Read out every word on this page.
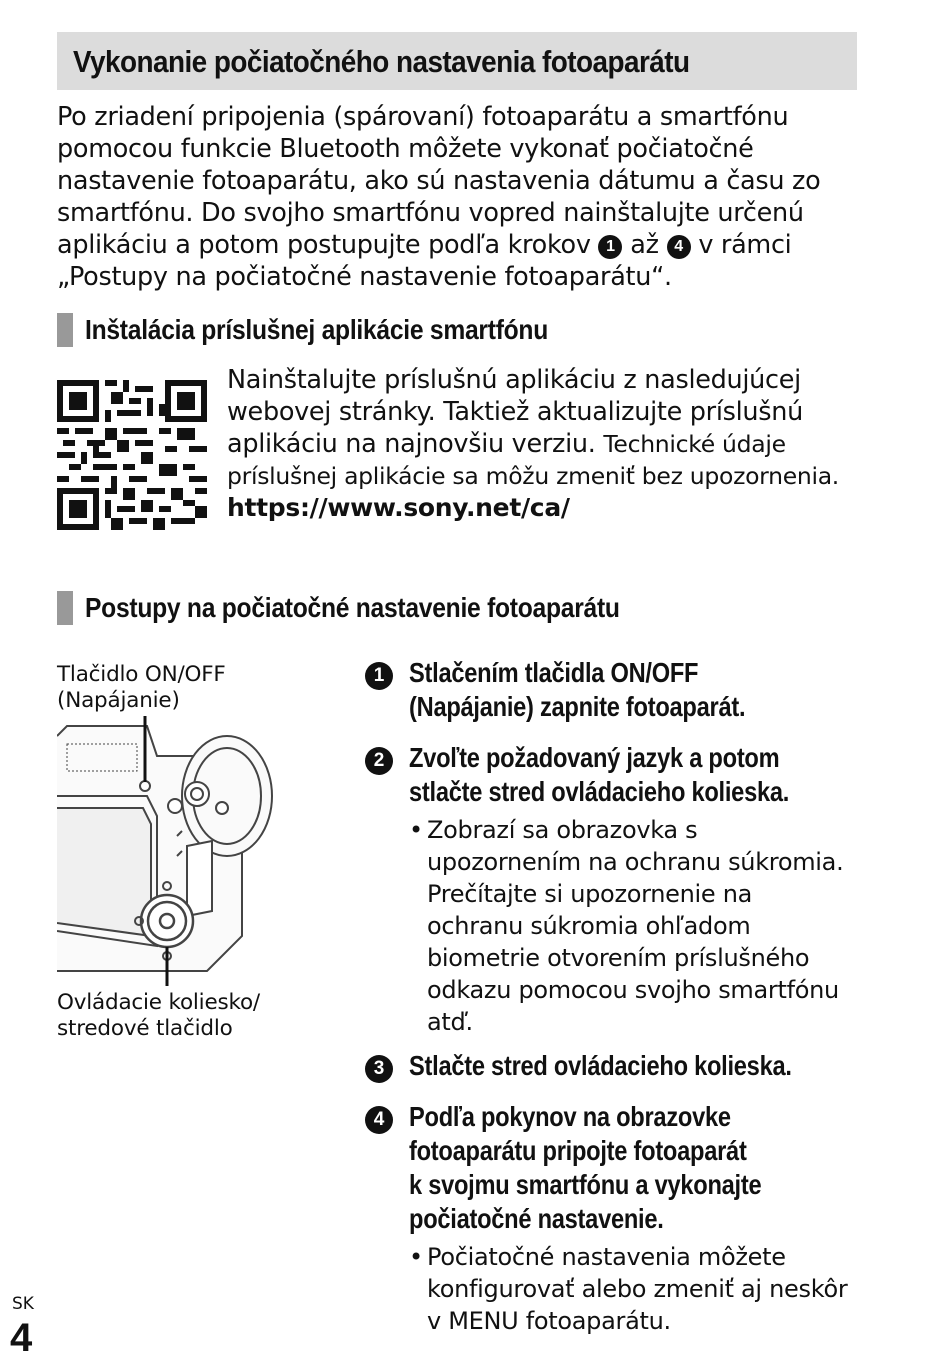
Vykonanie počiatočného nastavenia fotoaparátu
Po zriadení pripojenia (spárovaní) fotoaparátu a smartfónu pomocou funkcie Bluetooth môžete vykonať počiatočné nastavenie fotoaparátu, ako sú nastavenia dátumu a času zo smartfónu. Do svojho smartfónu vopred nainštalujte určenú aplikáciu a potom postupujte podľa krokov 1 až 4 v rámci „Postupy na počiatočné nastavenie fotoaparátu“.
Inštalácia príslušnej aplikácie smartfónu
Nainštalujte príslušnú aplikáciu z nasledujúcej webovej stránky. Taktiež aktualizujte príslušnú aplikáciu na najnovšiu verziu. Technické údaje príslušnej aplikácie sa môžu zmeniť bez upozornenia.
https://www.sony.net/ca/
Postupy na počiatočné nastavenie fotoaparátu
Tlačidlo ON/OFF
(Napájanie)
Ovládacie koliesko/
stredové tlačidlo
1 Stlačením tlačidla ON/OFF
(Napájanie) zapnite fotoaparát.
2 Zvoľte požadovaný jazyk a potom
stlačte stred ovládacieho kolieska.
• Zobrazí sa obrazovka s
upozornením na ochranu súkromia.
Prečítajte si upozornenie na
ochranu súkromia ohľadom
biometrie otvorením príslušného
odkazu pomocou svojho smartfónu
atď.
3 Stlačte stred ovládacieho kolieska.
4 Podľa pokynov na obrazovke
fotoaparátu pripojte fotoaparát
k svojmu smartfónu a vykonajte
počiatočné nastavenie.
• Počiatočné nastavenia môžete
konfigurovať alebo zmeniť aj neskôr
v MENU fotoaparátu.
SK
4
